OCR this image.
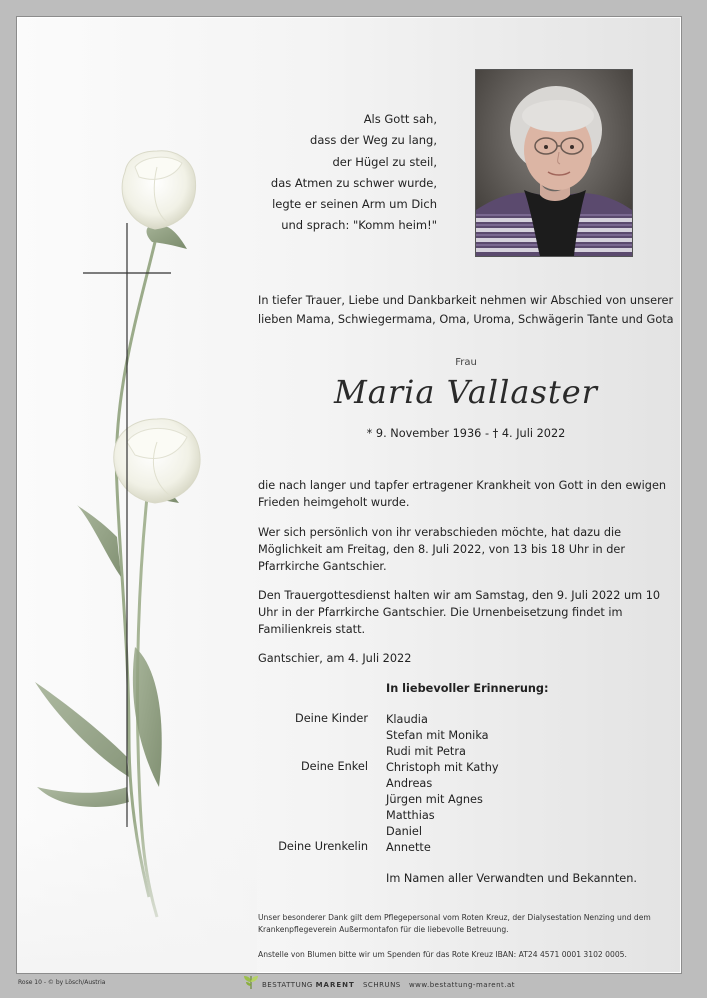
Als Gott sah,
dass der Weg zu lang,
der Hügel zu steil,
das Atmen zu schwer wurde,
legte er seinen Arm um Dich
und sprach: "Komm heim!"
In tiefer Trauer, Liebe und Dankbarkeit nehmen wir Abschied von unserer lieben Mama, Schwiegermama, Oma, Uroma, Schwägerin Tante und Gota
Frau
Maria Vallaster
* 9. November 1936 - † 4. Juli 2022
die nach langer und tapfer ertragener Krankheit von Gott in den ewigen Frieden heimgeholt wurde.
Wer sich persönlich von ihr verabschieden möchte, hat dazu die Möglichkeit am Freitag, den 8. Juli 2022, von 13 bis 18 Uhr in der Pfarrkirche Gantschier.
Den Trauergottesdienst halten wir am Samstag, den 9. Juli 2022 um 10 Uhr in der Pfarrkirche Gantschier. Die Urnenbeisetzung findet im Familienkreis statt.
Gantschier, am 4. Juli 2022
In liebevoller Erinnerung:
Deine Kinder Klaudia
Stefan mit Monika
Rudi mit Petra
Deine Enkel Christoph mit Kathy
Andreas
Jürgen mit Agnes
Matthias
Daniel
Deine Urenkelin Annette
Im Namen aller Verwandten und Bekannten.
Unser besonderer Dank gilt dem Pflegepersonal vom Roten Kreuz, der Dialysestation Nenzing und dem Krankenpflegeverein Außermontafon für die liebevolle Betreuung.
Anstelle von Blumen bitte wir um Spenden für das Rote Kreuz IBAN: AT24 4571 0001 3102 0005.
Rose 10 - © by Lösch/Austria	BESTATTUNG MARENT SCHRUNS www.bestattung-marent.at
